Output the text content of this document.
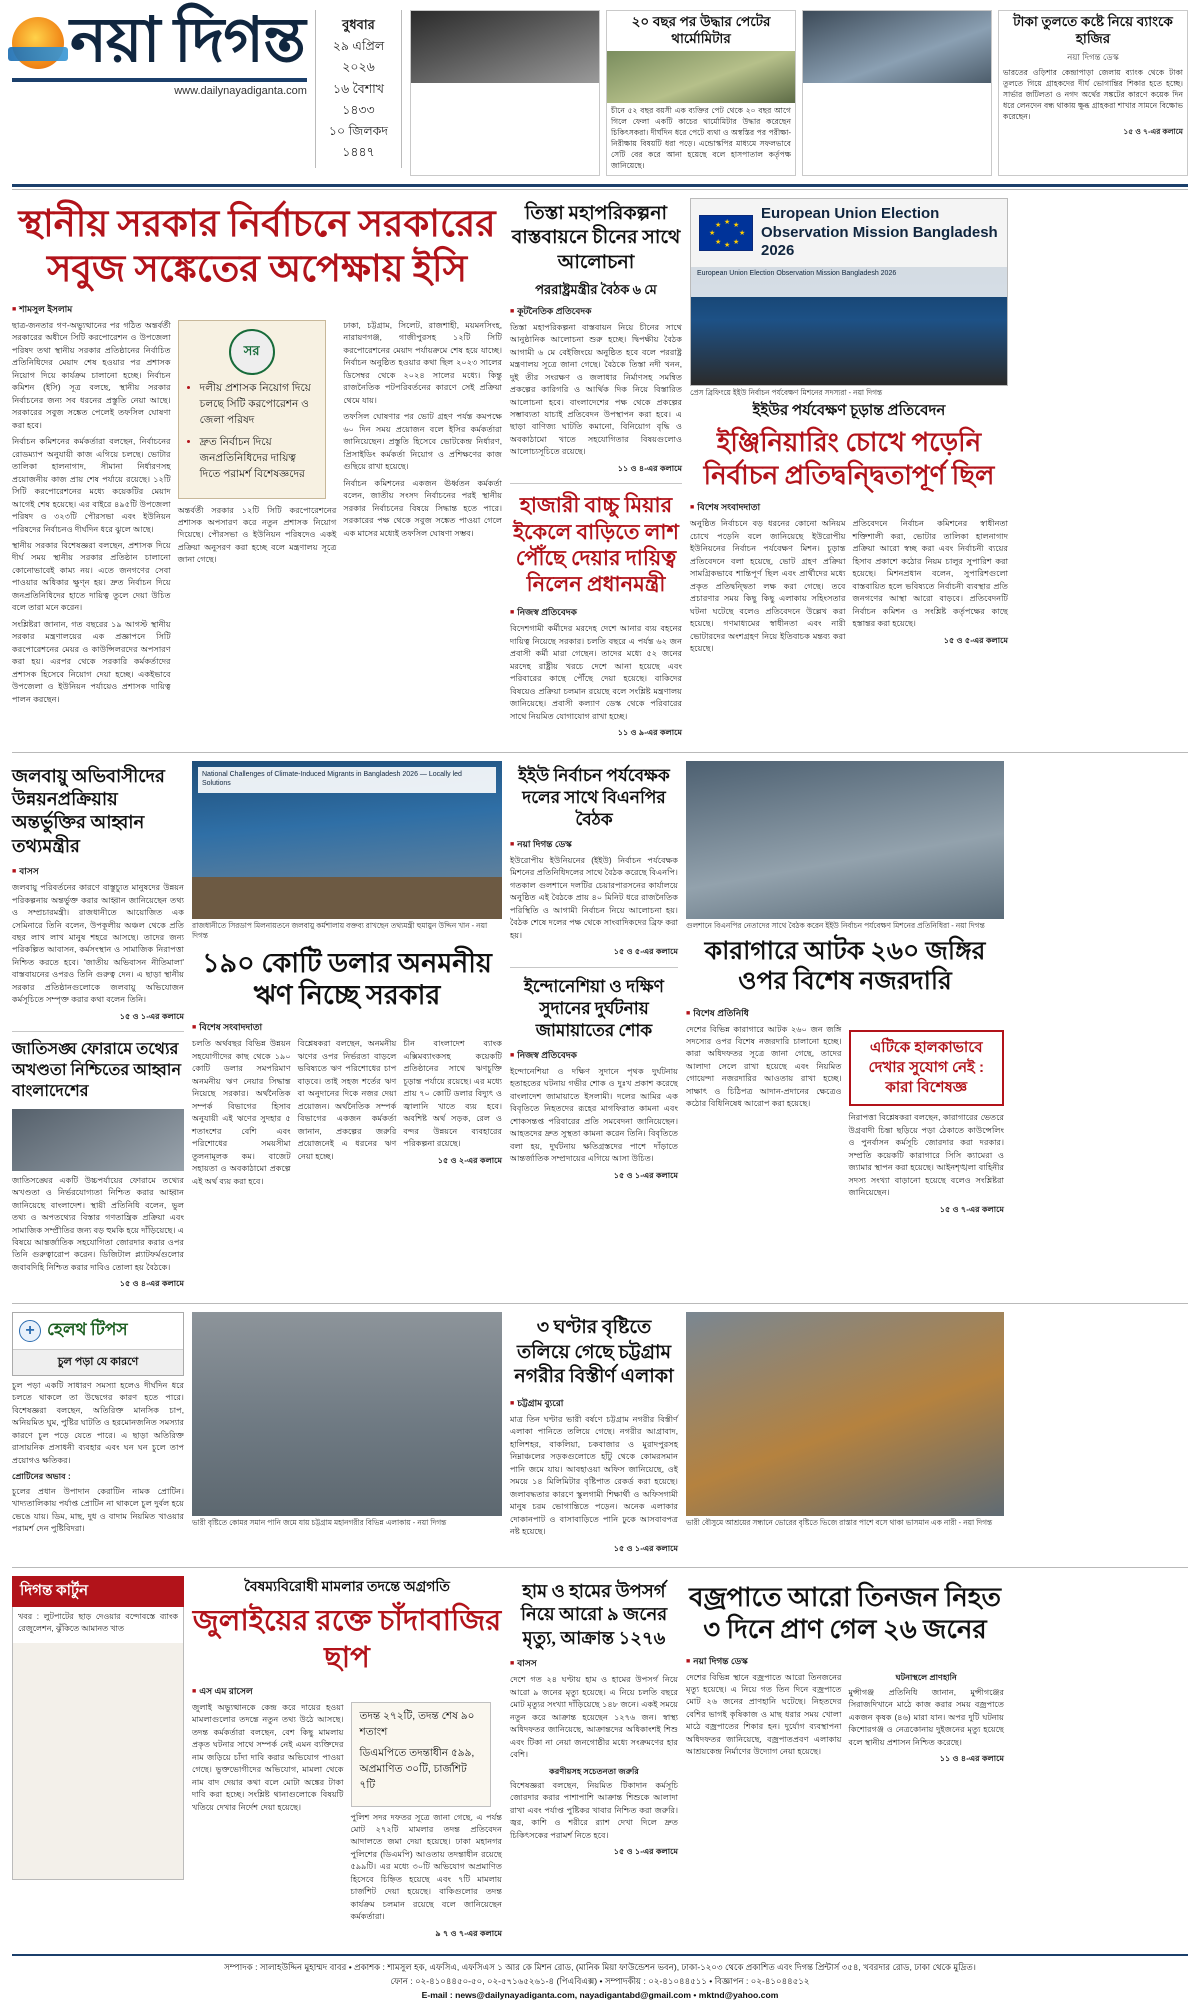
নয়া দিগন্ত
www.dailynayadiganta.com
বুধবার
২৯ এপ্রিল ২০২৬
১৬ বৈশাখ ১৪৩৩
১০ জিলকদ ১৪৪৭
২০ বছর পর উদ্ধার পেটের থার্মোমিটার

চীনে ৫২ বছর বয়সী এক ব্যক্তির পেট থেকে ২০ বছর আগে গিলে ফেলা একটি কাচের থার্মোমিটার উদ্ধার করেছেন চিকিৎসকরা। দীর্ঘদিন ধরে পেটে ব্যথা ও অস্বস্তির পর পরীক্ষা-নিরীক্ষায় বিষয়টি ধরা পড়ে। এন্ডোস্কপির মাধ্যমে সফলভাবে সেটি বের করে আনা হয়েছে বলে হাসপাতাল কর্তৃপক্ষ জানিয়েছে।

টাকা তুলতে কষ্টে নিয়ে ব্যাংকে হাজির
নয়া দিগন্ত ডেস্ক

ভারতের ওড়িশার কেন্দ্রাপাড়া জেলায় ব্যাংক থেকে টাকা তুলতে গিয়ে গ্রাহকদের দীর্ঘ ভোগান্তির শিকার হতে হচ্ছে। সার্ভার জটিলতা ও নগদ অর্থের সঙ্কটের কারণে কয়েক দিন ধরে লেনদেন বন্ধ থাকায় ক্ষুব্ধ গ্রাহকরা শাখার সামনে বিক্ষোভ করেছেন।

১৫ ও ৭-এর কলামে

স্থানীয় সরকার নির্বাচনে সরকারের সবুজ সঙ্কেতের অপেক্ষায় ইসি
■ শামসুল ইসলাম

ছাত্র-জনতার গণ-অভ্যুত্থানের পর গঠিত অন্তর্বর্তী সরকারের অধীনে সিটি করপোরেশন ও উপজেলা পরিষদ তথা স্থানীয় সরকার প্রতিষ্ঠানের নির্বাচিত প্রতিনিধিদের মেয়াদ শেষ হওয়ার পর প্রশাসক নিয়োগ দিয়ে কার্যক্রম চালানো হচ্ছে। নির্বাচন কমিশন (ইসি) সূত্র বলছে, স্থানীয় সরকার নির্বাচনের জন্য সব ধরনের প্রস্তুতি নেয়া আছে। সরকারের সবুজ সঙ্কেত পেলেই তফসিল ঘোষণা করা হবে।

নির্বাচন কমিশনের কর্মকর্তারা বলছেন, নির্বাচনের রোডম্যাপ অনুযায়ী কাজ এগিয়ে চলছে। ভোটার তালিকা হালনাগাদ, সীমানা নির্ধারণসহ প্রয়োজনীয় কাজ প্রায় শেষ পর্যায়ে রয়েছে। ১২টি সিটি করপোরেশনের মধ্যে কয়েকটির মেয়াদ আগেই শেষ হয়েছে। এর বাইরে ৪৯৫টি উপজেলা পরিষদ ও ৩২৩টি পৌরসভা এবং ইউনিয়ন পরিষদের নির্বাচনও দীর্ঘদিন ধরে ঝুলে আছে।

স্থানীয় সরকার বিশেষজ্ঞরা বলছেন, প্রশাসক দিয়ে দীর্ঘ সময় স্থানীয় সরকার প্রতিষ্ঠান চালানো কোনোভাবেই কাম্য নয়। এতে জনগণের সেবা পাওয়ার অধিকার ক্ষুণ্ন হয়। দ্রুত নির্বাচন দিয়ে জনপ্রতিনিধিদের হাতে দায়িত্ব তুলে দেয়া উচিত বলে তারা মনে করেন।

সংশ্লিষ্টরা জানান, গত বছরের ১৯ আগস্ট স্থানীয় সরকার মন্ত্রণালয়ের এক প্রজ্ঞাপনে সিটি করপোরেশনের মেয়র ও কাউন্সিলরদের অপসারণ করা হয়। এরপর থেকে সরকারি কর্মকর্তাদের প্রশাসক হিসেবে নিয়োগ দেয়া হচ্ছে। একইভাবে উপজেলা ও ইউনিয়ন পর্যায়েও প্রশাসক দায়িত্ব পালন করছেন।

সর
• দলীয় প্রশাসক নিয়োগ দিয়ে চলছে সিটি করপোরেশন ও জেলা পরিষদ
• দ্রুত নির্বাচন দিয়ে জনপ্রতিনিধিদের দায়িত্ব দিতে পরামর্শ বিশেষজ্ঞদের

অন্তর্বর্তী সরকার ১২টি সিটি করপোরেশনের প্রশাসক অপসারণ করে নতুন প্রশাসক নিয়োগ দিয়েছে। পৌরসভা ও ইউনিয়ন পরিষদেও একই প্রক্রিয়া অনুসরণ করা হচ্ছে বলে মন্ত্রণালয় সূত্রে জানা গেছে।

ঢাকা, চট্টগ্রাম, সিলেট, রাজশাহী, ময়মনসিংহ, নারায়ণগঞ্জ, গাজীপুরসহ ১২টি সিটি করপোরেশনের মেয়াদ পর্যায়ক্রমে শেষ হয়ে যাচ্ছে। নির্বাচন অনুষ্ঠিত হওয়ার কথা ছিল ২০২৩ সালের ডিসেম্বর থেকে ২০২৪ সালের মধ্যে। কিন্তু রাজনৈতিক পটপরিবর্তনের কারণে সেই প্রক্রিয়া থেমে যায়।

তফসিল ঘোষণার পর ভোট গ্রহণ পর্যন্ত কমপক্ষে ৬০ দিন সময় প্রয়োজন বলে ইসির কর্মকর্তারা জানিয়েছেন। প্রস্তুতি হিসেবে ভোটকেন্দ্র নির্ধারণ, প্রিসাইডিং কর্মকর্তা নিয়োগ ও প্রশিক্ষণের কাজ গুছিয়ে রাখা হয়েছে।

নির্বাচন কমিশনের একজন ঊর্ধ্বতন কর্মকর্তা বলেন, জাতীয় সংসদ নির্বাচনের পরই স্থানীয় সরকার নির্বাচনের বিষয়ে সিদ্ধান্ত হতে পারে। সরকারের পক্ষ থেকে সবুজ সঙ্কেত পাওয়া গেলে এক মাসের মধ্যেই তফসিল ঘোষণা সম্ভব।

তিস্তা মহাপরিকল্পনা বাস্তবায়নে চীনের সাথে আলোচনা
পররাষ্ট্রমন্ত্রীর বৈঠক ৬ মে
■ কূটনৈতিক প্রতিবেদক

তিস্তা মহাপরিকল্পনা বাস্তবায়ন নিয়ে চীনের সাথে আনুষ্ঠানিক আলোচনা শুরু হচ্ছে। দ্বিপক্ষীয় বৈঠক আগামী ৬ মে বেইজিংয়ে অনুষ্ঠিত হবে বলে পররাষ্ট্র মন্ত্রণালয় সূত্রে জানা গেছে। বৈঠকে তিস্তা নদী খনন, দুই তীর সংরক্ষণ ও জলাধার নির্মাণসহ সমন্বিত প্রকল্পের কারিগরি ও আর্থিক দিক নিয়ে বিস্তারিত আলোচনা হবে। বাংলাদেশের পক্ষ থেকে প্রকল্পের সম্ভাব্যতা যাচাই প্রতিবেদন উপস্থাপন করা হবে। এ ছাড়া বাণিজ্য ঘাটতি কমানো, বিনিয়োগ বৃদ্ধি ও অবকাঠামো খাতে সহযোগিতার বিষয়গুলোও আলোচ্যসূচিতে রয়েছে।

১১ ও ৪-এর কলামে

হাজারী বাচ্চু মিয়ার ইকেলে বাড়িতে লাশ পৌঁছে দেয়ার দায়িত্ব নিলেন প্রধানমন্ত্রী
■ নিজস্ব প্রতিবেদক

বিদেশগামী কর্মীদের মরদেহ দেশে আনার ব্যয় বহনের দায়িত্ব নিয়েছে সরকার। চলতি বছরে এ পর্যন্ত ৬২ জন প্রবাসী কর্মী মারা গেছেন। তাদের মধ্যে ৫২ জনের মরদেহ রাষ্ট্রীয় খরচে দেশে আনা হয়েছে এবং পরিবারের কাছে পৌঁছে দেয়া হয়েছে। বাকিদের বিষয়েও প্রক্রিয়া চলমান রয়েছে বলে সংশ্লিষ্ট মন্ত্রণালয় জানিয়েছে। প্রবাসী কল্যাণ ডেস্ক থেকে পরিবারের সাথে নিয়মিত যোগাযোগ রাখা হচ্ছে।

১১ ও ৯-এর কলামে

★ ★
★
★
★
★
★
★
European Union Election Observation Mission Bangladesh 2026
European Union Election Observation Mission Bangladesh 2026
প্রেস ব্রিফিংয়ে ইইউ নির্বাচন পর্যবেক্ষণ মিশনের সদস্যরা - নয়া দিগন্ত
ইইউর পর্যবেক্ষণ চূড়ান্ত প্রতিবেদন
ইঞ্জিনিয়ারিং চোখে পড়েনি নির্বাচন প্রতিদ্বন্দ্বিতাপূর্ণ ছিল
■ বিশেষ সংবাদদাতা

অনুষ্ঠিত নির্বাচনে বড় ধরনের কোনো অনিয়ম চোখে পড়েনি বলে জানিয়েছে ইউরোপীয় ইউনিয়নের নির্বাচন পর্যবেক্ষণ মিশন। চূড়ান্ত প্রতিবেদনে বলা হয়েছে, ভোট গ্রহণ প্রক্রিয়া সামগ্রিকভাবে শান্তিপূর্ণ ছিল এবং প্রার্থীদের মধ্যে প্রকৃত প্রতিদ্বন্দ্বিতা লক্ষ করা গেছে। তবে প্রচারণার সময় কিছু কিছু এলাকায় সহিংসতার ঘটনা ঘটেছে বলেও প্রতিবেদনে উল্লেখ করা হয়েছে। গণমাধ্যমের স্বাধীনতা এবং নারী ভোটারদের অংশগ্রহণ নিয়ে ইতিবাচক মন্তব্য করা হয়েছে।

প্রতিবেদনে নির্বাচন কমিশনের স্বাধীনতা শক্তিশালী করা, ভোটার তালিকা হালনাগাদ প্রক্রিয়া আরো স্বচ্ছ করা এবং নির্বাচনী ব্যয়ের হিসাব প্রকাশে কঠোর নিয়ম চালুর সুপারিশ করা হয়েছে। মিশনপ্রধান বলেন, সুপারিশগুলো বাস্তবায়িত হলে ভবিষ্যতে নির্বাচনী ব্যবস্থার প্রতি জনগণের আস্থা আরো বাড়বে। প্রতিবেদনটি নির্বাচন কমিশন ও সংশ্লিষ্ট কর্তৃপক্ষের কাছে হস্তান্তর করা হয়েছে।

১৫ ও ৫-এর কলামে

জলবায়ু অভিবাসীদের উন্নয়নপ্রক্রিয়ায় অন্তর্ভুক্তির আহ্বান তথ্যমন্ত্রীর
■ বাসস

জলবায়ু পরিবর্তনের কারণে বাস্তুচ্যুত মানুষদের উন্নয়ন পরিকল্পনায় অন্তর্ভুক্ত করার আহ্বান জানিয়েছেন তথ্য ও সম্প্রচারমন্ত্রী। রাজধানীতে আয়োজিত এক সেমিনারে তিনি বলেন, উপকূলীয় অঞ্চল থেকে প্রতি বছর লাখ লাখ মানুষ শহরে আসছে। তাদের জন্য পরিকল্পিত আবাসন, কর্মসংস্থান ও সামাজিক নিরাপত্তা নিশ্চিত করতে হবে। 'জাতীয় অভিবাসন নীতিমালা' বাস্তবায়নের ওপরও তিনি গুরুত্ব দেন। এ ছাড়া স্থানীয় সরকার প্রতিষ্ঠানগুলোকে জলবায়ু অভিযোজন কর্মসূচিতে সম্পৃক্ত করার কথা বলেন তিনি।

১৫ ও ১-এর কলামে

জাতিসঙ্ঘ ফোরামে তথ্যের অখণ্ডতা নিশ্চিতের আহ্বান বাংলাদেশের

জাতিসঙ্ঘের একটি উচ্চপর্যায়ের ফোরামে তথ্যের অখণ্ডতা ও নির্ভরযোগ্যতা নিশ্চিত করার আহ্বান জানিয়েছে বাংলাদেশ। স্থায়ী প্রতিনিধি বলেন, ভুল তথ্য ও অপতথ্যের বিস্তার গণতান্ত্রিক প্রক্রিয়া এবং সামাজিক সম্প্রীতির জন্য বড় হুমকি হয়ে দাঁড়িয়েছে। এ বিষয়ে আন্তর্জাতিক সহযোগিতা জোরদার করার ওপর তিনি গুরুত্বারোপ করেন। ডিজিটাল প্ল্যাটফর্মগুলোর জবাবদিহি নিশ্চিত করার দাবিও তোলা হয় বৈঠকে।

১৫ ও ৪-এর কলামে

National Challenges of Climate-Induced Migrants in Bangladesh 2026 — Locally led Solutions
রাজধানীতে সিরডাপ মিলনায়তনে জলবায়ু কর্মশালায় বক্তব্য রাখছেন তথ্যমন্ত্রী হুমায়ুন উদ্দিন খান - নয়া দিগন্ত
১৯০ কোটি ডলার অনমনীয় ঋণ নিচ্ছে সরকার
■ বিশেষ সংবাদদাতা

চলতি অর্থবছর বিভিন্ন উন্নয়ন সহযোগীদের কাছ থেকে ১৯০ কোটি ডলার সমপরিমাণ অনমনীয় ঋণ নেয়ার সিদ্ধান্ত নিয়েছে সরকার। অর্থনৈতিক সম্পর্ক বিভাগের হিসাব অনুযায়ী এই ঋণের সুদহার ৫ শতাংশের বেশি এবং পরিশোধের সময়সীমা তুলনামূলক কম। বাজেট সহায়তা ও অবকাঠামো প্রকল্পে এই অর্থ ব্যয় করা হবে।

বিশ্লেষকরা বলছেন, অনমনীয় ঋণের ওপর নির্ভরতা বাড়লে ভবিষ্যতে ঋণ পরিশোধের চাপ বাড়বে। তাই সহজ শর্তের ঋণ বা অনুদানের দিকে নজর দেয়া প্রয়োজন। অর্থনৈতিক সম্পর্ক বিভাগের একজন কর্মকর্তা জানান, প্রকল্পের জরুরি প্রয়োজনেই এ ধরনের ঋণ নেয়া হচ্ছে।

চীন বাংলাদেশ ব্যাংক এক্সিমব্যাংকসহ কয়েকটি প্রতিষ্ঠানের সাথে ঋণচুক্তি চূড়ান্ত পর্যায়ে রয়েছে। এর মধ্যে প্রায় ৭০ কোটি ডলার বিদ্যুৎ ও জ্বালানি খাতে ব্যয় হবে। অবশিষ্ট অর্থ সড়ক, রেল ও বন্দর উন্নয়নে ব্যবহারের পরিকল্পনা রয়েছে।

১৫ ও ২-এর কলামে

ইইউ নির্বাচন পর্যবেক্ষক দলের সাথে বিএনপির বৈঠক
■ নয়া দিগন্ত ডেস্ক

ইউরোপীয় ইউনিয়নের (ইইউ) নির্বাচন পর্যবেক্ষক মিশনের প্রতিনিধিদলের সাথে বৈঠক করেছে বিএনপি। গতকাল গুলশানে দলটির চেয়ারপারসনের কার্যালয়ে অনুষ্ঠিত এই বৈঠকে প্রায় ৪০ মিনিট ধরে রাজনৈতিক পরিস্থিতি ও আগামী নির্বাচন নিয়ে আলোচনা হয়। বৈঠক শেষে দলের পক্ষ থেকে সাংবাদিকদের ব্রিফ করা হয়।

১৫ ও ৫-এর কলামে

ইন্দোনেশিয়া ও দক্ষিণ সুদানের দুর্ঘটনায় জামায়াতের শোক
■ নিজস্ব প্রতিবেদক

ইন্দোনেশিয়া ও দক্ষিণ সুদানে পৃথক দুর্ঘটনায় হতাহতের ঘটনায় গভীর শোক ও দুঃখ প্রকাশ করেছে বাংলাদেশ জামায়াতে ইসলামী। দলের আমির এক বিবৃতিতে নিহতদের রূহের মাগফিরাত কামনা এবং শোকসন্তপ্ত পরিবারের প্রতি সমবেদনা জানিয়েছেন। আহতদের দ্রুত সুস্থতা কামনা করেন তিনি। বিবৃতিতে বলা হয়, দুর্ঘটনায় ক্ষতিগ্রস্তদের পাশে দাঁড়াতে আন্তর্জাতিক সম্প্রদায়ের এগিয়ে আসা উচিত।

১৫ ও ১-এর কলামে

গুলশানে বিএনপির নেতাদের সাথে বৈঠক করেন ইইউ নির্বাচন পর্যবেক্ষণ মিশনের প্রতিনিধিরা - নয়া দিগন্ত
কারাগারে আটক ২৬০ জঙ্গির ওপর বিশেষ নজরদারি
■ বিশেষ প্রতিনিধি

দেশের বিভিন্ন কারাগারে আটক ২৬০ জন জঙ্গি সদস্যের ওপর বিশেষ নজরদারি চালানো হচ্ছে। কারা অধিদফতর সূত্রে জানা গেছে, তাদের আলাদা সেলে রাখা হয়েছে এবং নিয়মিত গোয়েন্দা নজরদারির আওতায় রাখা হচ্ছে। সাক্ষাৎ ও চিঠিপত্র আদান-প্রদানের ক্ষেত্রেও কঠোর বিধিনিষেধ আরোপ করা হয়েছে।

এটিকে হালকাভাবে দেখার সুযোগ নেই : কারা বিশেষজ্ঞ

নিরাপত্তা বিশ্লেষকরা বলছেন, কারাগারের ভেতরে উগ্রবাদী চিন্তা ছড়িয়ে পড়া ঠেকাতে কাউন্সেলিং ও পুনর্বাসন কর্মসূচি জোরদার করা দরকার। সম্প্রতি কয়েকটি কারাগারে সিসি ক্যামেরা ও জ্যামার স্থাপন করা হয়েছে। আইনশৃঙ্খলা বাহিনীর সদস্য সংখ্যা বাড়ানো হয়েছে বলেও সংশ্লিষ্টরা জানিয়েছেন।

১৫ ও ৭-এর কলামে

+
হেলথ টিপস
চুল পড়া যে কারণে

চুল পড়া একটি সাধারণ সমস্যা হলেও দীর্ঘদিন ধরে চলতে থাকলে তা উদ্বেগের কারণ হতে পারে। বিশেষজ্ঞরা বলছেন, অতিরিক্ত মানসিক চাপ, অনিয়মিত ঘুম, পুষ্টির ঘাটতি ও হরমোনজনিত সমস্যার কারণে চুল পড়ে যেতে পারে। এ ছাড়া অতিরিক্ত রাসায়নিক প্রসাধনী ব্যবহার এবং ঘন ঘন চুলে তাপ প্রয়োগও ক্ষতিকর।

প্রোটিনের অভাব :

চুলের প্রধান উপাদান কেরাটিন নামক প্রোটিন। খাদ্যতালিকায় পর্যাপ্ত প্রোটিন না থাকলে চুল দুর্বল হয়ে ভেঙে যায়। ডিম, মাছ, দুধ ও বাদাম নিয়মিত খাওয়ার পরামর্শ দেন পুষ্টিবিদরা।

ভারী বৃষ্টিতে কোমর সমান পানি জমে যায় চট্টগ্রাম মহানগরীর বিভিন্ন এলাকায় - নয়া দিগন্ত
৩ ঘণ্টার বৃষ্টিতে তলিয়ে গেছে চট্টগ্রাম নগরীর বিস্তীর্ণ এলাকা
■ চট্টগ্রাম ব্যুরো

মাত্র তিন ঘণ্টার ভারী বর্ষণে চট্টগ্রাম নগরীর বিস্তীর্ণ এলাকা পানিতে তলিয়ে গেছে। নগরীর আগ্রাবাদ, হালিশহর, বাকলিয়া, চকবাজার ও মুরাদপুরসহ নিম্নাঞ্চলের সড়কগুলোতে হাঁটু থেকে কোমরসমান পানি জমে যায়। আবহাওয়া অফিস জানিয়েছে, ওই সময়ে ১৪ মিলিমিটার বৃষ্টিপাত রেকর্ড করা হয়েছে। জলাবদ্ধতার কারণে স্কুলগামী শিক্ষার্থী ও অফিসগামী মানুষ চরম ভোগান্তিতে পড়েন। অনেক এলাকার দোকানপাট ও বাসাবাড়িতে পানি ঢুকে আসবাবপত্র নষ্ট হয়েছে।

১৫ ও ১-এর কলামে

ভারী বৌসুমে আশ্রয়ের সন্ধানে ভোরের বৃষ্টিতে ভিজে রাস্তার পাশে বসে থাকা ভাসমান এক নারী - নয়া দিগন্ত
দিগন্ত কার্টুন

খবর : লুটপাটের ছাড় দেওয়ার বন্দোবস্তে ব্যাংক রেজুলেশন, ঝুঁকিতে আমানত খাত

বৈষম্যবিরোধী মামলার তদন্তে অগ্রগতি
জুলাইয়ের রক্তে চাঁদাবাজির ছাপ
■ এস এম রাসেল

জুলাই অভ্যুত্থানকে কেন্দ্র করে দায়ের হওয়া মামলাগুলোর তদন্তে নতুন তথ্য উঠে আসছে। তদন্ত কর্মকর্তারা বলছেন, বেশ কিছু মামলায় প্রকৃত ঘটনার সাথে সম্পর্ক নেই এমন ব্যক্তিদের নাম জড়িয়ে চাঁদা দাবি করার অভিযোগ পাওয়া গেছে। ভুক্তভোগীদের অভিযোগ, মামলা থেকে নাম বাদ দেয়ার কথা বলে মোটা অঙ্কের টাকা দাবি করা হচ্ছে। সংশ্লিষ্ট থানাগুলোকে বিষয়টি খতিয়ে দেখার নির্দেশ দেয়া হয়েছে।

তদন্ত ২৭২টি, তদন্ত শেষ ৯০ শতাংশ
ডিএমপিতে তদন্তাধীন ৫৯৯, অপ্রমাণিত ৩০টি, চার্জশিট ৭টি

পুলিশ সদর দফতর সূত্রে জানা গেছে, এ পর্যন্ত মোট ২৭২টি মামলার তদন্ত প্রতিবেদন আদালতে জমা দেয়া হয়েছে। ঢাকা মহানগর পুলিশের (ডিএমপি) আওতায় তদন্তাধীন রয়েছে ৫৯৯টি। এর মধ্যে ৩০টি অভিযোগ অপ্রমাণিত হিসেবে চিহ্নিত হয়েছে এবং ৭টি মামলায় চার্জশিট দেয়া হয়েছে। বাকিগুলোর তদন্ত কার্যক্রম চলমান রয়েছে বলে জানিয়েছেন কর্মকর্তারা।

৯ ৭ ও ৭-এর কলামে

হাম ও হামের উপসর্গ নিয়ে আরো ৯ জনের মৃত্যু, আক্রান্ত ১২৭৬
■ বাসস

দেশে গত ২৪ ঘণ্টায় হাম ও হামের উপসর্গ নিয়ে আরো ৯ জনের মৃত্যু হয়েছে। এ নিয়ে চলতি বছরে মোট মৃত্যুর সংখ্যা দাঁড়িয়েছে ১৪৮ জনে। একই সময়ে নতুন করে আক্রান্ত হয়েছেন ১২৭৬ জন। স্বাস্থ্য অধিদফতর জানিয়েছে, আক্রান্তদের অধিকাংশই শিশু এবং টিকা না নেয়া জনগোষ্ঠীর মধ্যে সংক্রমণের হার বেশি।

করণীয়সহ সচেতনতা জরুরি

বিশেষজ্ঞরা বলছেন, নিয়মিত টিকাদান কর্মসূচি জোরদার করার পাশাপাশি আক্রান্ত শিশুকে আলাদা রাখা এবং পর্যাপ্ত পুষ্টিকর খাবার নিশ্চিত করা জরুরি। জ্বর, কাশি ও শরীরে র‍্যাশ দেখা দিলে দ্রুত চিকিৎসকের পরামর্শ নিতে হবে।

১৫ ও ১-এর কলামে

বজ্রপাতে আরো তিনজন নিহত ৩ দিনে প্রাণ গেল ২৬ জনের
■ নয়া দিগন্ত ডেস্ক

দেশের বিভিন্ন স্থানে বজ্রপাতে আরো তিনজনের মৃত্যু হয়েছে। এ নিয়ে গত তিন দিনে বজ্রপাতে মোট ২৬ জনের প্রাণহানি ঘটেছে। নিহতদের বেশির ভাগই কৃষিকাজ ও মাছ ধরার সময় খোলা মাঠে বজ্রপাতের শিকার হন। দুর্যোগ ব্যবস্থাপনা অধিদফতর জানিয়েছে, বজ্রপাতপ্রবণ এলাকায় আশ্রয়কেন্দ্র নির্মাণের উদ্যোগ নেয়া হয়েছে।

ঘটনাস্থলে প্রাণহানি

মুন্সীগঞ্জ প্রতিনিধি জানান, মুন্সীগঞ্জের সিরাজদিখানে মাঠে কাজ করার সময় বজ্রপাতে একজন কৃষক (৪৬) মারা যান। অপর দুটি ঘটনায় কিশোরগঞ্জ ও নেত্রকোনায় দুইজনের মৃত্যু হয়েছে বলে স্থানীয় প্রশাসন নিশ্চিত করেছে।

১১ ও ৪-এর কলামে

সম্পাদক : সালাহউদ্দিন মুহাম্মদ বাবর • প্রকাশক : শামসুল হক, এফসিএ, এফসিএস ১ আর কে মিশন রোড, (মানিক মিয়া ফাউন্ডেশন ভবন), ঢাকা-১২০৩ থেকে প্রকাশিত এবং দিগন্ত প্রিন্টার্স ৩৫৪, খবরদার রোড, ঢাকা থেকে মুদ্রিত।
ফোন : ০২-৪১০৪৪৫০-৫০, ০২-৫৭১৬৫২৬১-৪ (পিএবিএক্স) • সম্পাদকীয় : ০২-৪১০৪৪৫১১ • বিজ্ঞাপন : ০২-৪১০৪৪৫১২
E-mail : news@dailynayadiganta.com, nayadigantabd@gmail.com • mktnd@yahoo.com
